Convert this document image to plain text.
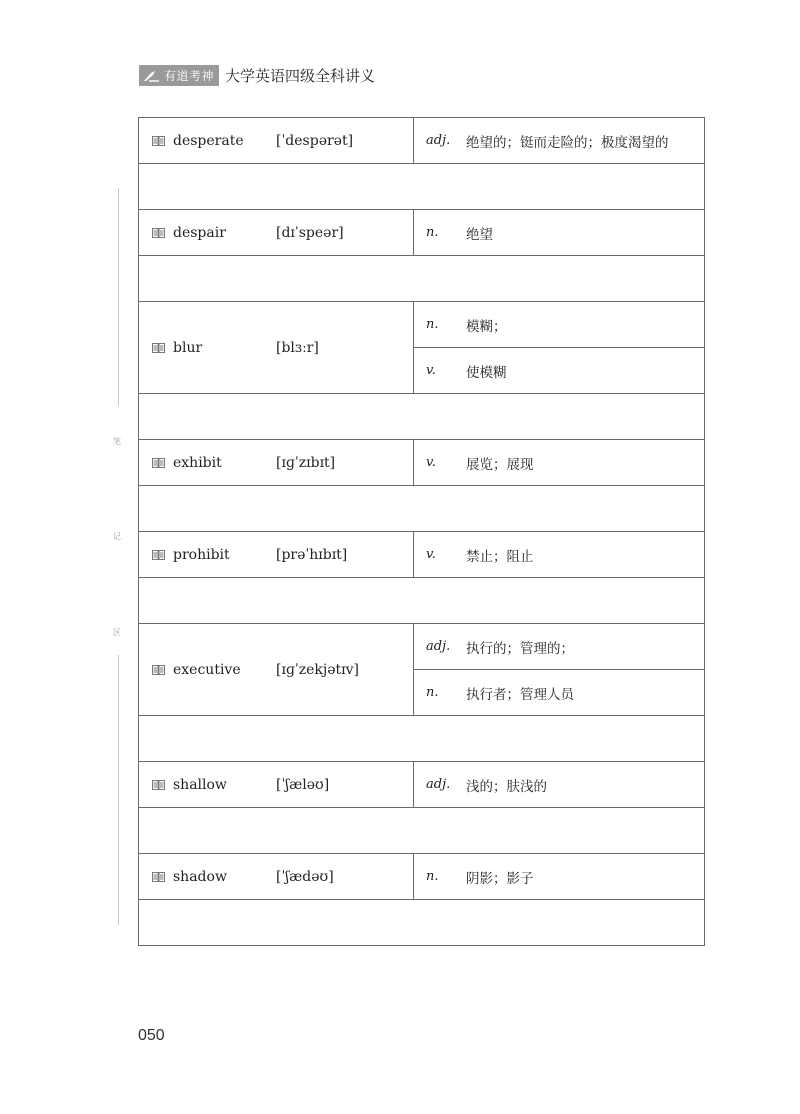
有道考神 大学英语四级全科讲义
笔
记
区
desperate [ˈdespərət]	adj. 绝望的；铤而走险的；极度渴望的

despair [dɪˈspeər]	n. 绝望

blur [blɜːr]	n. 模糊；

	v. 使模糊

exhibit [ɪɡˈzɪbɪt]	v. 展览；展现

prohibit [prəˈhɪbɪt]	v. 禁止；阻止

executive [ɪɡˈzekjətɪv]	adj. 执行的；管理的；

	n. 执行者；管理人员

shallow [ˈʃæləʊ]	adj. 浅的；肤浅的

shadow [ˈʃædəʊ]	n. 阴影；影子

050
